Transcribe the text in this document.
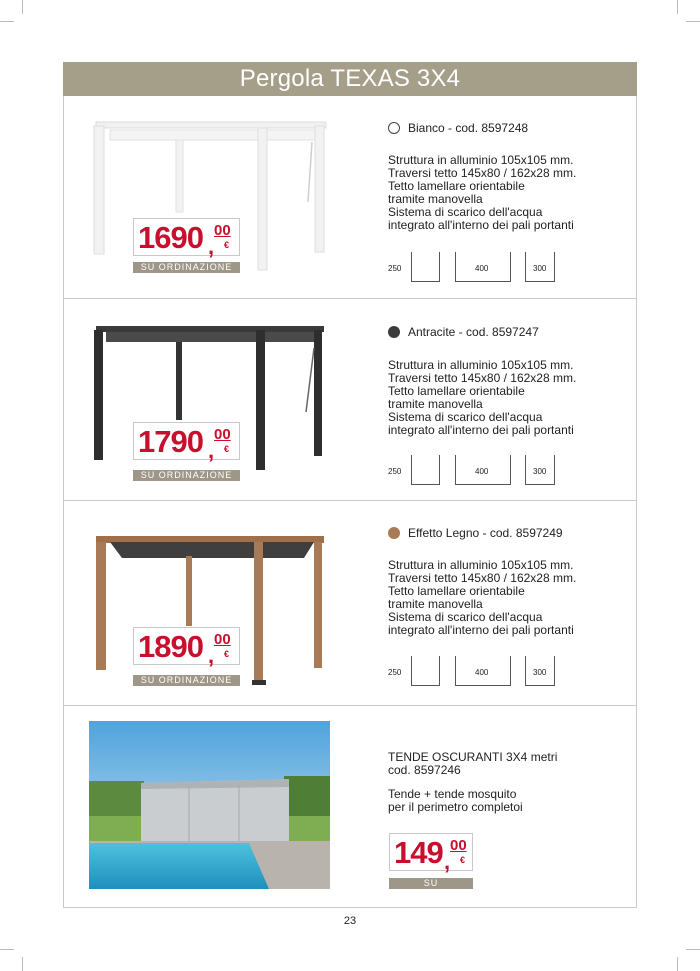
Pergola TEXAS 3X4
1690 ,
00
€
SU ORDINAZIONE
Bianco - cod. 8597248
Struttura in alluminio 105x105 mm.
Traversi tetto 145x80 / 162x28 mm.
Tetto lamellare orientabile
tramite manovella
Sistema di scarico dell'acqua
integrato all'interno dei pali portanti
250	400	300
1790 ,
00
€
SU ORDINAZIONE
Antracite - cod. 8597247
Struttura in alluminio 105x105 mm.
Traversi tetto 145x80 / 162x28 mm.
Tetto lamellare orientabile
tramite manovella
Sistema di scarico dell'acqua
integrato all'interno dei pali portanti
250	400	300
1890 ,
00
€
SU ORDINAZIONE
Effetto Legno - cod. 8597249
Struttura in alluminio 105x105 mm.
Traversi tetto 145x80 / 162x28 mm.
Tetto lamellare orientabile
tramite manovella
Sistema di scarico dell'acqua
integrato all'interno dei pali portanti
250	400	300
TENDE OSCURANTI 3X4 metri
cod. 8597246
Tende + tende mosquito
per il perimetro completoi
149 ,
00
€
SU ORDINAZIONE
23
